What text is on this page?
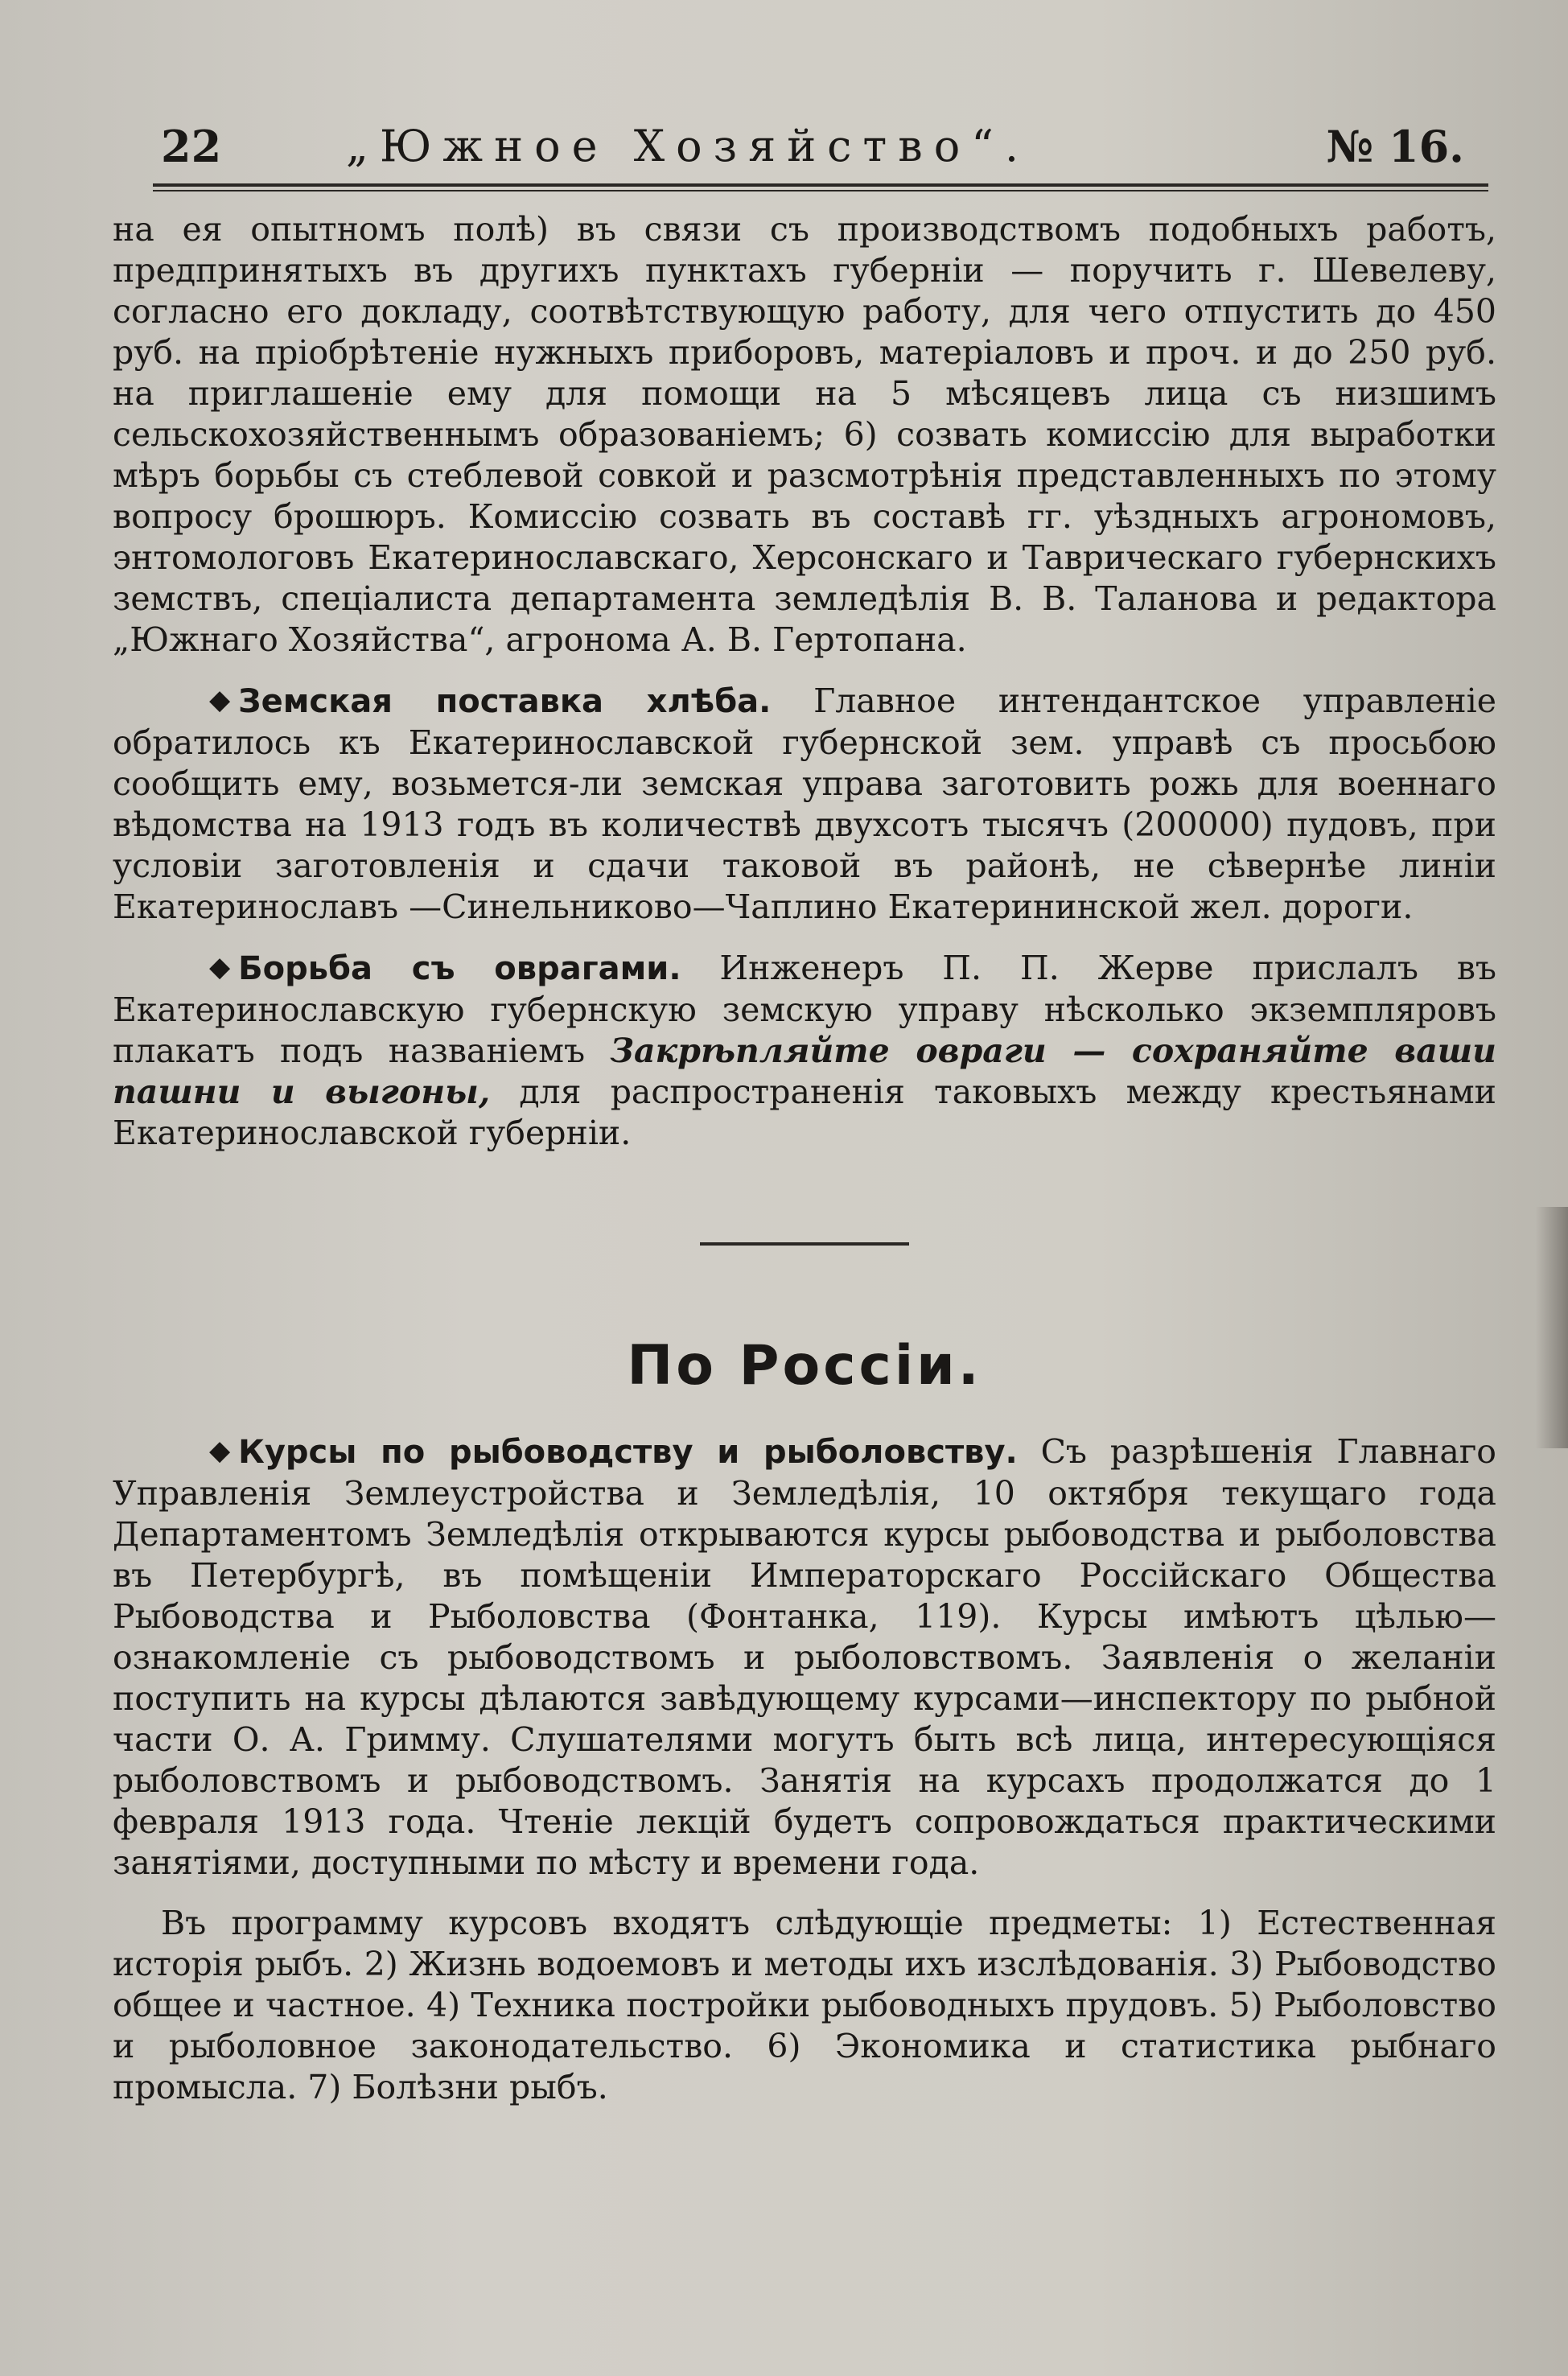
22	„Южное Хозяйство“.	№ 16.

на ея опытномъ полѣ) въ связи съ производствомъ подобныхъ работъ, предпринятыхъ въ другихъ пунктахъ губерніи — поручить г. Шевелеву, согласно его докладу, соотвѣтствующую работу, для чего отпустить до 450 руб. на пріобрѣтеніе нужныхъ приборовъ, матеріаловъ и проч. и до 250 руб. на приглашеніе ему для помощи на 5 мѣсяцевъ лица съ низшимъ сельскохозяйственнымъ образованіемъ; 6) созвать комиссію для выработки мѣръ борьбы съ стеблевой совкой и разсмотрѣнія представленныхъ по этому вопросу брошюръ. Комиссію созвать въ составѣ гг. уѣздныхъ агрономовъ, энтомологовъ Екатеринославскаго, Херсонскаго и Таврическаго губернскихъ земствъ, спеціалиста департамента земледѣлія В. В. Таланова и редактора „Южнаго Хозяйства“, агронома А. В. Гертопана.

◆ Земская поставка хлѣба. Главное интендантское управленіе обратилось къ Екатеринославской губернской зем. управѣ съ просьбою сообщить ему, возьмется-ли земская управа заготовить рожь для военнаго вѣдомства на 1913 годъ въ количествѣ двухсотъ тысячъ (200000) пудовъ, при условіи заготовленія и сдачи таковой въ районѣ, не сѣвернѣе линіи Екатеринославъ —Синельниково—Чаплино Екатерининской жел. дороги.

◆ Борьба съ оврагами. Инженеръ П. П. Жерве прислалъ въ Екатеринославскую губернскую земскую управу нѣсколько экземпляровъ плакатъ подъ названіемъ Закрѣпляйте овраги — сохраняйте ваши пашни и выгоны, для распространенія таковыхъ между крестьянами Екатеринославской губерніи.

По Россіи.

◆ Курсы по рыбоводству и рыболовству. Съ разрѣшенія Главнаго Управленія Землеустройства и Земледѣлія, 10 октября текущаго года Департаментомъ Земледѣлія открываются курсы рыбоводства и рыболовства въ Петербургѣ, въ помѣщеніи Императорскаго Россійскаго Общества Рыбоводства и Рыболовства (Фонтанка, 119). Курсы имѣютъ цѣлью—ознакомленіе съ рыбоводствомъ и рыболовствомъ. Заявленія о желаніи поступить на курсы дѣлаются завѣдующему курсами—инспектору по рыбной части О. А. Гримму. Слушателями могутъ быть всѣ лица, интересующіяся рыболовствомъ и рыбоводствомъ. Занятія на курсахъ продолжатся до 1 февраля 1913 года. Чтеніе лекцій будетъ сопровождаться практическими занятіями, доступными по мѣсту и времени года.

Въ программу курсовъ входятъ слѣдующіе предметы: 1) Естественная исторія рыбъ. 2) Жизнь водоемовъ и методы ихъ изслѣдованія. 3) Рыбоводство общее и частное. 4) Техника постройки рыбоводныхъ прудовъ. 5) Рыболовство и рыболовное законодательство. 6) Экономика и статистика рыбнаго промысла. 7) Болѣзни рыбъ.
